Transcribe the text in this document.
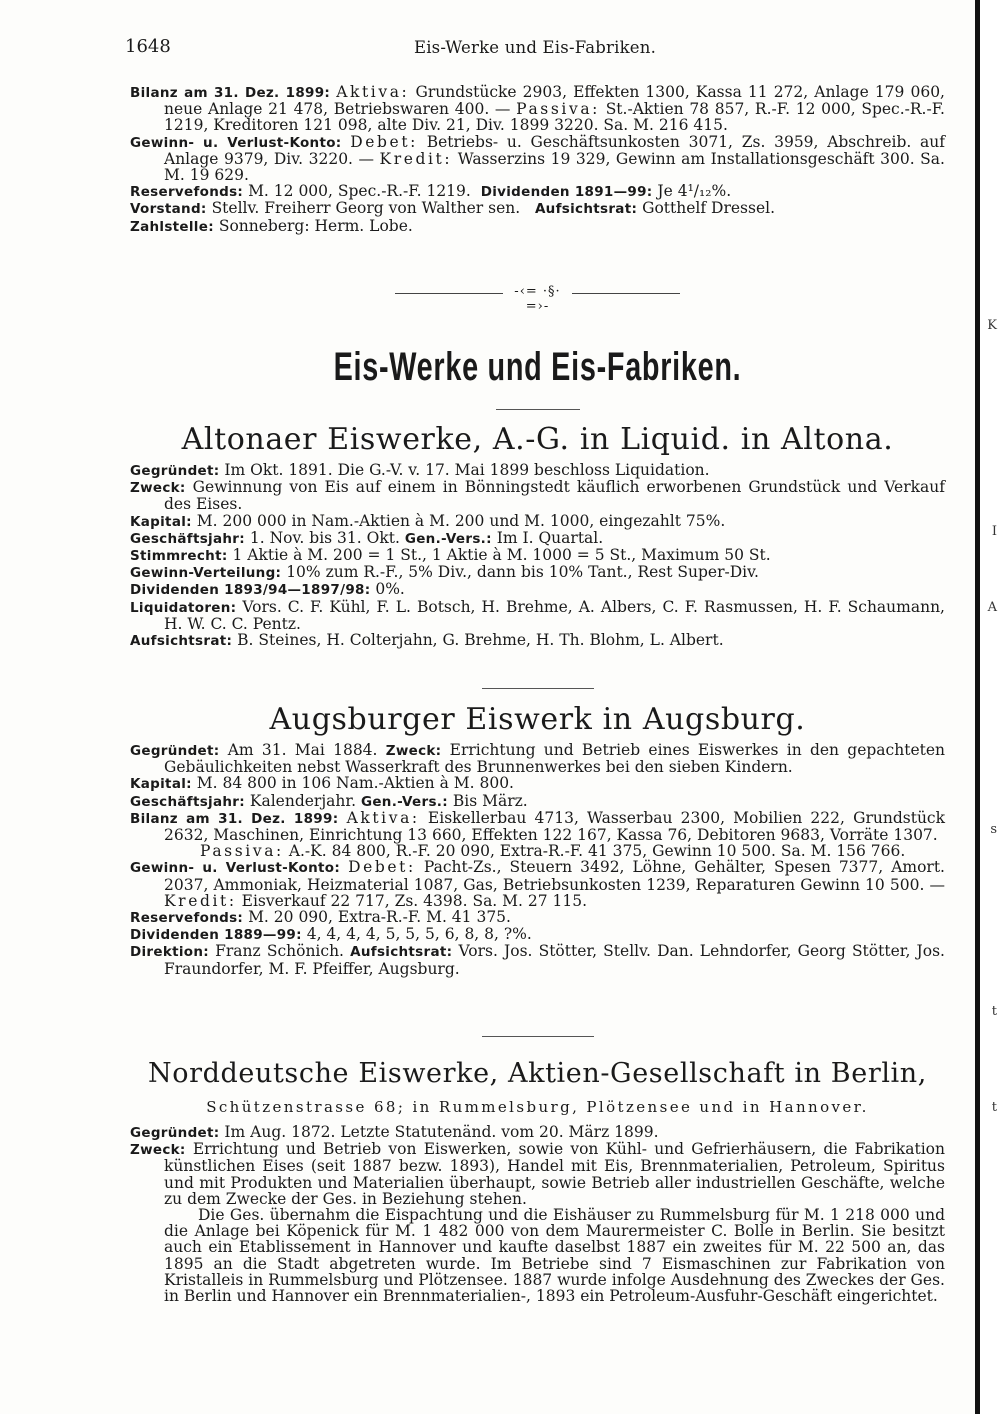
1648	Eis-Werke und Eis-Fabriken.

Bilanz am 31. Dez. 1899: Aktiva: Grundstücke 2903, Effekten 1300, Kassa 11 272, Anlage 179 060, neue Anlage 21 478, Betriebswaren 400. — Passiva: St.-Aktien 78 857, R.-F. 12 000, Spec.-R.-F. 1219, Kreditoren 121 098, alte Div. 21, Div. 1899 3220. Sa. M. 216 415.

Gewinn- u. Verlust-Konto: Debet: Betriebs- u. Geschäftsunkosten 3071, Zs. 3959, Abschreib. auf Anlage 9379, Div. 3220. — Kredit: Wasserzins 19 329, Gewinn am Installationsgeschäft 300. Sa. M. 19 629.

Reservefonds: M. 12 000, Spec.-R.-F. 1219. Dividenden 1891—99: Je 4¹/₁₂%.

Vorstand: Stellv. Freiherr Georg von Walther sen. Aufsichtsrat: Gotthelf Dressel.

Zahlstelle: Sonneberg: Herm. Lobe.

-‹= ·§· =›-
Eis-Werke und Eis-Fabriken.
Altonaer Eiswerke, A.-G. in Liquid. in Altona.

Gegründet: Im Okt. 1891. Die G.-V. v. 17. Mai 1899 beschloss Liquidation.

Zweck: Gewinnung von Eis auf einem in Bönningstedt käuflich erworbenen Grundstück und Verkauf des Eises.

Kapital: M. 200 000 in Nam.-Aktien à M. 200 und M. 1000, eingezahlt 75%.

Geschäftsjahr: 1. Nov. bis 31. Okt. Gen.-Vers.: Im I. Quartal.

Stimmrecht: 1 Aktie à M. 200 = 1 St., 1 Aktie à M. 1000 = 5 St., Maximum 50 St.

Gewinn-Verteilung: 10% zum R.-F., 5% Div., dann bis 10% Tant., Rest Super-Div.

Dividenden 1893/94—1897/98: 0%.

Liquidatoren: Vors. C. F. Kühl, F. L. Botsch, H. Brehme, A. Albers, C. F. Rasmussen, H. F. Schaumann, H. W. C. C. Pentz.

Aufsichtsrat: B. Steines, H. Colterjahn, G. Brehme, H. Th. Blohm, L. Albert.

Augsburger Eiswerk in Augsburg.

Gegründet: Am 31. Mai 1884. Zweck: Errichtung und Betrieb eines Eiswerkes in den gepachteten Gebäulichkeiten nebst Wasserkraft des Brunnenwerkes bei den sieben Kindern.

Kapital: M. 84 800 in 106 Nam.-Aktien à M. 800.

Geschäftsjahr: Kalenderjahr. Gen.-Vers.: Bis März.

Bilanz am 31. Dez. 1899: Aktiva: Eiskellerbau 4713, Wasserbau 2300, Mobilien 222, Grundstück 2632, Maschinen, Einrichtung 13 660, Effekten 122 167, Kassa 76, Debitoren 9683, Vorräte 1307.

Passiva: A.-K. 84 800, R.-F. 20 090, Extra-R.-F. 41 375, Gewinn 10 500. Sa. M. 156 766.

Gewinn- u. Verlust-Konto: Debet: Pacht-Zs., Steuern 3492, Löhne, Gehälter, Spesen 7377, Amort. 2037, Ammoniak, Heizmaterial 1087, Gas, Betriebsunkosten 1239, Reparaturen Gewinn 10 500. — Kredit: Eisverkauf 22 717, Zs. 4398. Sa. M. 27 115.

Reservefonds: M. 20 090, Extra-R.-F. M. 41 375.

Dividenden 1889—99: 4, 4, 4, 4, 5, 5, 5, 6, 8, 8, ?%.

Direktion: Franz Schönich. Aufsichtsrat: Vors. Jos. Stötter, Stellv. Dan. Lehndorfer, Georg Stötter, Jos. Fraundorfer, M. F. Pfeiffer, Augsburg.

Norddeutsche Eiswerke, Aktien-Gesellschaft in Berlin,
Schützenstrasse 68; in Rummelsburg, Plötzensee und in Hannover.

Gegründet: Im Aug. 1872. Letzte Statutenänd. vom 20. März 1899.

Zweck: Errichtung und Betrieb von Eiswerken, sowie von Kühl- und Gefrierhäusern, die Fabrikation künstlichen Eises (seit 1887 bezw. 1893), Handel mit Eis, Brennmaterialien, Petroleum, Spiritus und mit Produkten und Materialien überhaupt, sowie Betrieb aller industriellen Geschäfte, welche zu dem Zwecke der Ges. in Beziehung stehen.

Die Ges. übernahm die Eispachtung und die Eishäuser zu Rummelsburg für M. 1 218 000 und die Anlage bei Köpenick für M. 1 482 000 von dem Maurermeister C. Bolle in Berlin. Sie besitzt auch ein Etablissement in Hannover und kaufte daselbst 1887 ein zweites für M. 22 500 an, das 1895 an die Stadt abgetreten wurde. Im Betriebe sind 7 Eismaschinen zur Fabrikation von Kristalleis in Rummelsburg und Plötzensee. 1887 wurde infolge Ausdehnung des Zweckes der Ges. in Berlin und Hannover ein Brennmaterialien-, 1893 ein Petroleum-Ausfuhr-Geschäft eingerichtet.

K
I
A
s
t
t
